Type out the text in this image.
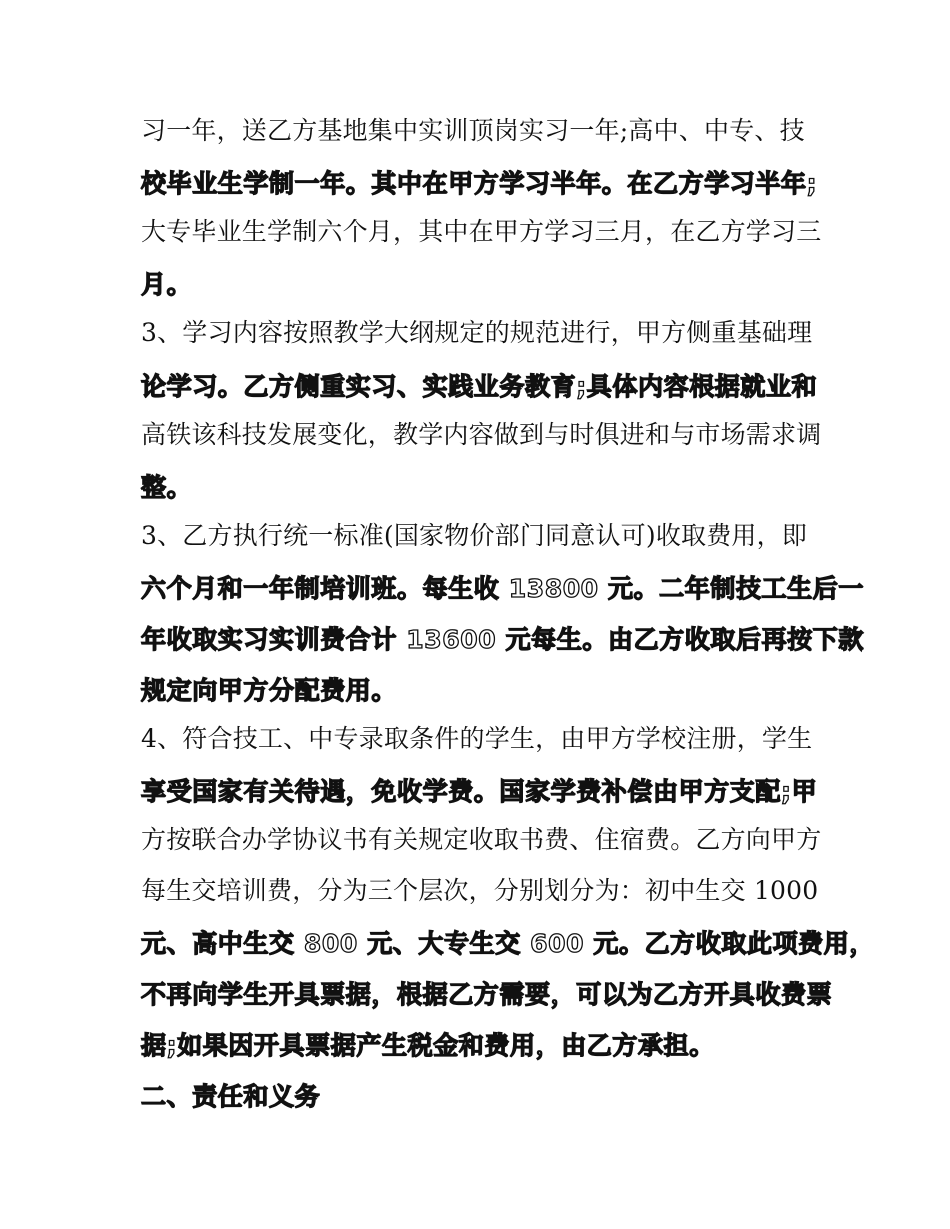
习一年，送乙方基地集中实训顶岗实习一年;高中、中专、技
校毕业生学制一年。其中在甲方学习半年。在乙方学习半年;
大专毕业生学制六个月，其中在甲方学习三月，在乙方学习三
月。
3、学习内容按照教学大纲规定的规范进行，甲方侧重基础理
论学习。乙方侧重实习、实践业务教育;具体内容根据就业和
高铁该科技发展变化，教学内容做到与时俱进和与市场需求调
整。
3、乙方执行统一标准(国家物价部门同意认可)收取费用，即
六个月和一年制培训班。每生收 13800 元。二年制技工生后一
年收取实习实训费合计 13600 元每生。由乙方收取后再按下款
规定向甲方分配费用。
4、符合技工、中专录取条件的学生，由甲方学校注册，学生
享受国家有关待遇，免收学费。国家学费补偿由甲方支配;甲
方按联合办学协议书有关规定收取书费、住宿费。乙方向甲方
每生交培训费，分为三个层次，分别划分为：初中生交 1000
元、高中生交 800 元、大专生交 600 元。乙方收取此项费用，
不再向学生开具票据，根据乙方需要，可以为乙方开具收费票
据;如果因开具票据产生税金和费用，由乙方承担。
二、责任和义务
